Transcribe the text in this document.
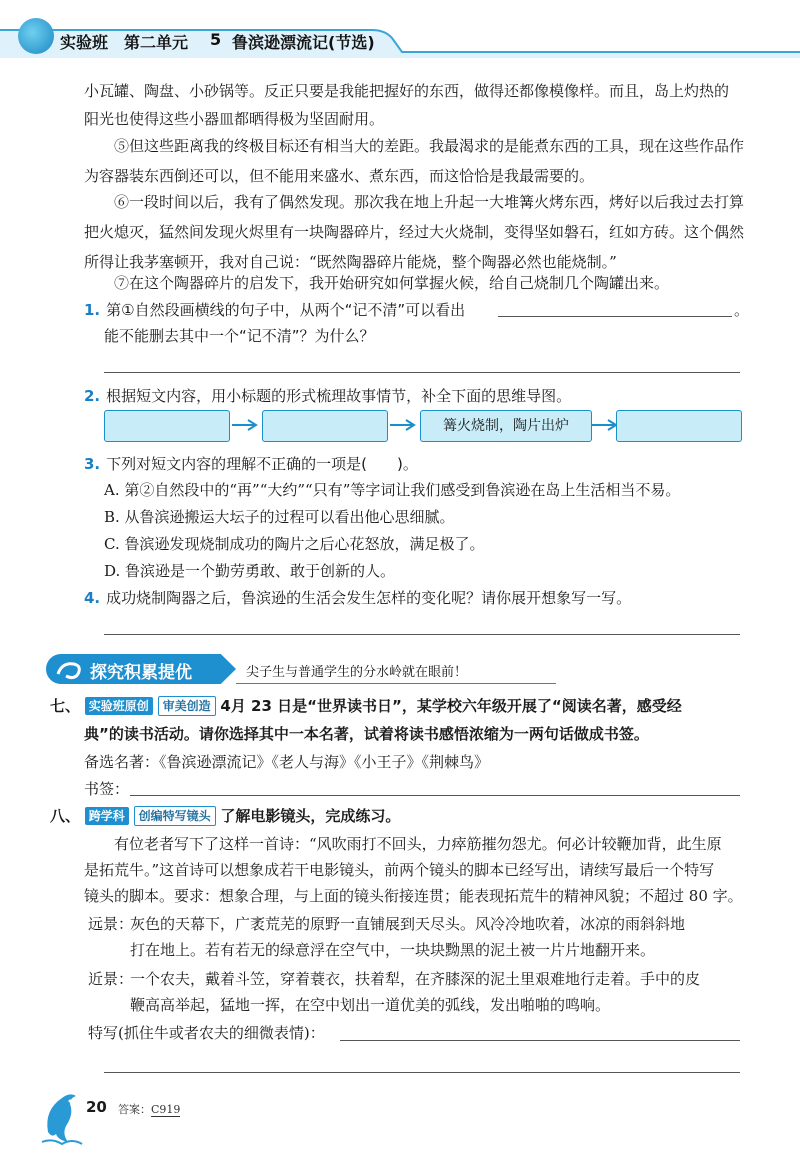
实验班 第二单元 5 鲁滨逊漂流记(节选)
小瓦罐、陶盘、小砂锅等。反正只要是我能把握好的东西，做得还都像模像样。而且，岛上灼热的
阳光也使得这些小器皿都晒得极为坚固耐用。
⑤但这些距离我的终极目标还有相当大的差距。我最渴求的是能煮东西的工具，现在这些作品作为容器装东西倒还可以，但不能用来盛水、煮东西，而这恰恰是我最需要的。
⑥一段时间以后，我有了偶然发现。那次我在地上升起一大堆篝火烤东西，烤好以后我过去打算把火熄灭，猛然间发现火烬里有一块陶器碎片，经过大火烧制，变得坚如磐石，红如方砖。这个偶然所得让我茅塞顿开，我对自己说：“既然陶器碎片能烧，整个陶器必然也能烧制。”
⑦在这个陶器碎片的启发下，我开始研究如何掌握火候，给自己烧制几个陶罐出来。
1. 第①自然段画横线的句子中，从两个“记不清”可以看出	。
能不能删去其中一个“记不清”？为什么？
2. 根据短文内容，用小标题的形式梳理故事情节，补全下面的思维导图。
篝火烧制，陶片出炉
3. 下列对短文内容的理解不正确的一项是(　　)。
A. 第②自然段中的“再”“大约”“只有”等字词让我们感受到鲁滨逊在岛上生活相当不易。
B. 从鲁滨逊搬运大坛子的过程可以看出他心思细腻。
C. 鲁滨逊发现烧制成功的陶片之后心花怒放，满足极了。
D. 鲁滨逊是一个勤劳勇敢、敢于创新的人。
4. 成功烧制陶器之后，鲁滨逊的生活会发生怎样的变化呢？请你展开想象写一写。
探究积累提优	尖子生与普通学生的分水岭就在眼前！
七、 实验班原创 审美创造 4月 23 日是“世界读书日”，某学校六年级开展了“阅读名著，感受经
典”的读书活动。请你选择其中一本名著，试着将读书感悟浓缩为一两句话做成书签。
备选名著：《鲁滨逊漂流记》《老人与海》《小王子》《荆棘鸟》
书签：
八、 跨学科 创编特写镜头 了解电影镜头，完成练习。
有位老者写下了这样一首诗：“风吹雨打不回头，力瘁筋摧勿怨尤。何必计较鞭加背，此生原
是拓荒牛。”这首诗可以想象成若干电影镜头，前两个镜头的脚本已经写出，请续写最后一个特写
镜头的脚本。要求：想象合理，与上面的镜头衔接连贯；能表现拓荒牛的精神风貌；不超过 80 字。
远景：
灰色的天幕下，广袤荒芜的原野一直铺展到天尽头。风冷冷地吹着，冰凉的雨斜斜地
打在地上。若有若无的绿意浮在空气中，一块块黝黑的泥土被一片片地翻开来。
近景：
一个农夫，戴着斗笠，穿着蓑衣，扶着犁，在齐膝深的泥土里艰难地行走着。手中的皮
鞭高高举起，猛地一挥，在空中划出一道优美的弧线，发出啪啪的鸣响。
特写(抓住牛或者农夫的细微表情)：
20 答案：C919
